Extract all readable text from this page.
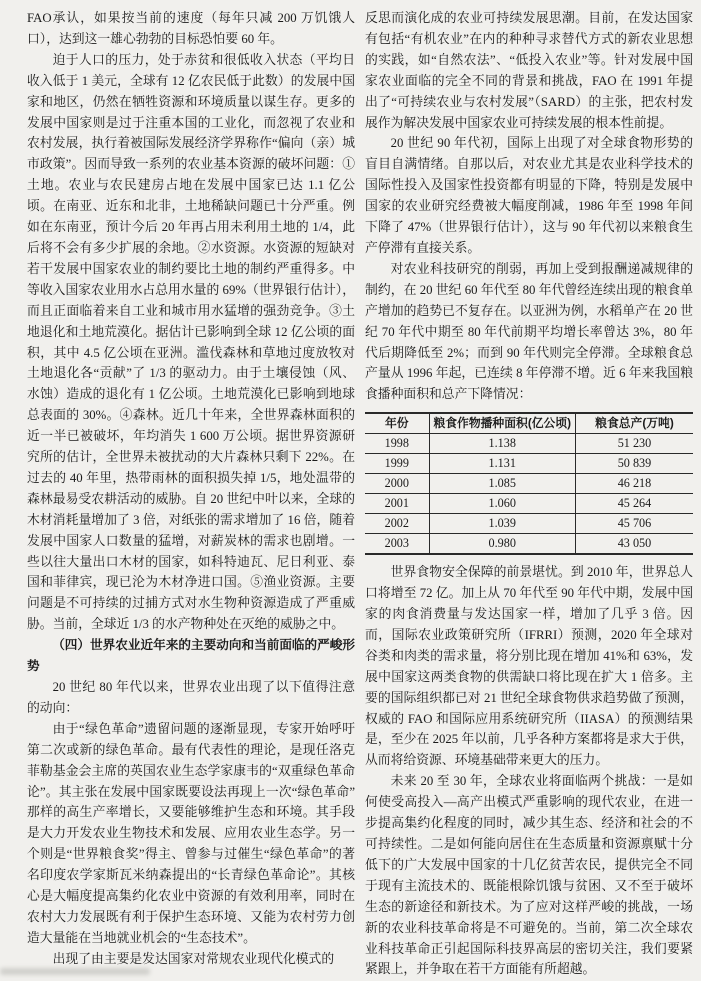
FAO承认，如果按当前的速度（每年只减 200 万饥饿人口），达到这一雄心勃勃的目标恐怕要 60 年。

迫于人口的压力，处于赤贫和很低收入状态（平均日收入低于 1 美元，全球有 12 亿农民低于此数）的发展中国家和地区，仍然在牺牲资源和环境质量以谋生存。更多的发展中国家则是过于注重本国的工业化，而忽视了农业和农村发展，执行着被国际发展经济学界称作“偏向（亲）城市政策”。因而导致一系列的农业基本资源的破坏问题：①土地。农业与农民建房占地在发展中国家已达 1.1 亿公顷。在南亚、近东和北非，土地稀缺问题已十分严重。例如在东南亚，预计今后 20 年再占用未利用土地的 1/4，此后将不会有多少扩展的余地。②水资源。水资源的短缺对若干发展中国家农业的制约要比土地的制约严重得多。中等收入国家农业用水占总用水量的 69%（世界银行估计），而且正面临着来自工业和城市用水猛增的强劲竞争。③土地退化和土地荒漠化。据估计已影响到全球 12 亿公顷的面积，其中 4.5 亿公顷在亚洲。滥伐森林和草地过度放牧对土地退化各“贡献”了 1/3 的驱动力。由于土壤侵蚀（风、水蚀）造成的退化有 1 亿公顷。土地荒漠化已影响到地球总表面的 30%。④森林。近几十年来，全世界森林面积的近一半已被破坏，年均消失 1 600 万公顷。据世界资源研究所的估计，全世界未被扰动的大片森林只剩下 22%。在过去的 40 年里，热带雨林的面积损失掉 1/5，地处温带的森林最易受农耕活动的威胁。自 20 世纪中叶以来，全球的木材消耗量增加了 3 倍，对纸张的需求增加了 16 倍，随着发展中国家人口数量的猛增，对薪炭林的需求也剧增。一些以往大量出口木材的国家，如科特迪瓦、尼日利亚、泰国和菲律宾，现已沦为木材净进口国。⑤渔业资源。主要问题是不可持续的过捕方式对水生物种资源造成了严重威胁。当前，全球近 1/3 的水产物种处在灭绝的威胁之中。

（四）世界农业近年来的主要动向和当前面临的严峻形势

20 世纪 80 年代以来，世界农业出现了以下值得注意的动向：

由于“绿色革命”遗留问题的逐渐显现，专家开始呼吁第二次或新的绿色革命。最有代表性的理论，是现任洛克菲勒基金会主席的英国农业生态学家康韦的“双重绿色革命论”。其主张在发展中国家既要设法再现上一次“绿色革命”那样的高生产率增长，又要能够维护生态和环境。其手段是大力开发农业生物技术和发展、应用农业生态学。另一个则是“世界粮食奖”得主、曾参与过催生“绿色革命”的著名印度农学家斯瓦米纳森提出的“长青绿色革命论”。其核心是大幅度提高集约化农业中资源的有效利用率，同时在农村大力发展既有利于保护生态环境、又能为农村劳力创造大量能在当地就业机会的“生态技术”。

出现了由主要是发达国家对常规农业现代化模式的

反思而演化成的农业可持续发展思潮。目前，在发达国家有包括“有机农业”在内的种种寻求替代方式的新农业思想的实践，如“自然农法”、“低投入农业”等。针对发展中国家农业面临的完全不同的背景和挑战，FAO 在 1991 年提出了“可持续农业与农村发展”（SARD）的主张，把农村发展作为解决发展中国家农业可持续发展的根本性前提。

20 世纪 90 年代初，国际上出现了对全球食物形势的盲目自满情绪。自那以后，对农业尤其是农业科学技术的国际性投入及国家性投资都有明显的下降，特别是发展中国家的农业研究经费被大幅度削减，1986 年至 1998 年间下降了 47%（世界银行估计），这与 90 年代初以来粮食生产停滞有直接关系。

对农业科技研究的削弱，再加上受到报酬递减规律的制约，在 20 世纪 60 年代至 80 年代曾经连续出现的粮食单产增加的趋势已不复存在。以亚洲为例，水稻单产在 20 世纪 70 年代中期至 80 年代前期平均增长率曾达 3%，80 年代后期降低至 2%；而到 90 年代则完全停滞。全球粮食总产量从 1996 年起，已连续 8 年停滞不增。近 6 年来我国粮食播种面积和总产下降情况：

年份	粮食作物播种面积(亿公顷)	粮食总产(万吨)
1998	1.138	51 230
1999	1.131	50 839
2000	1.085	46 218
2001	1.060	45 264
2002	1.039	45 706
2003	0.980	43 050

世界食物安全保障的前景堪忧。到 2010 年，世界总人口将增至 72 亿。加上从 70 年代至 90 年代中期，发展中国家的肉食消费量与发达国家一样，增加了几乎 3 倍。因而，国际农业政策研究所（IFRRI）预测，2020 年全球对谷类和肉类的需求量，将分别比现在增加 41%和 63%，发展中国家这两类食物的供需缺口将比现在扩大 1 倍多。主要的国际组织都已对 21 世纪全球食物供求趋势做了预测，权威的 FAO 和国际应用系统研究所（IIASA）的预测结果是，至少在 2025 年以前，几乎各种方案都将是求大于供，从而将给资源、环境基础带来更大的压力。

未来 20 至 30 年，全球农业将面临两个挑战：一是如何使受高投入—高产出模式严重影响的现代农业，在进一步提高集约化程度的同时，减少其生态、经济和社会的不可持续性。二是如何能向居住在生态质量和资源禀赋十分低下的广大发展中国家的十几亿贫苦农民，提供完全不同于现有主流技术的、既能根除饥饿与贫困、又不至于破坏生态的新途径和新技术。为了应对这样严峻的挑战，一场新的农业科技革命将是不可避免的。当前，第二次全球农业科技革命正引起国际科技界高层的密切关注，我们要紧紧跟上，并争取在若干方面能有所超越。
